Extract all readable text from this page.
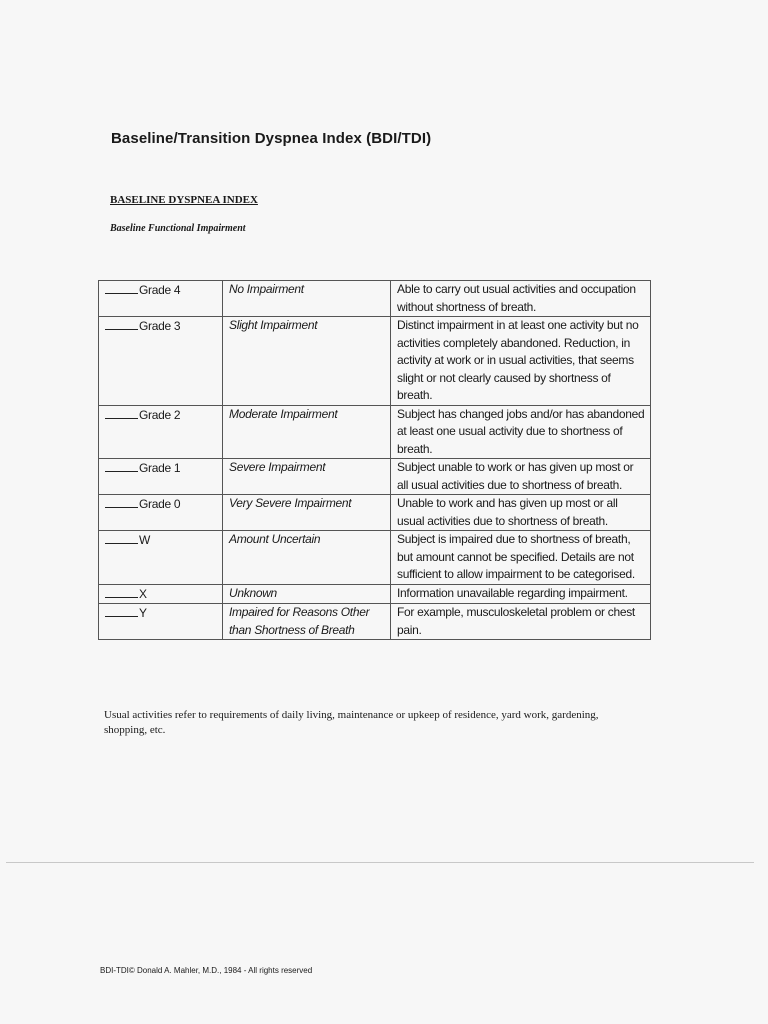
Baseline/Transition Dyspnea Index (BDI/TDI)
BASELINE DYSPNEA INDEX
Baseline Functional Impairment
Grade 4	No Impairment	Able to carry out usual activities and occupation without shortness of breath.
Grade 3	Slight Impairment	Distinct impairment in at least one activity but no activities completely abandoned. Reduction, in activity at work or in usual activities, that seems slight or not clearly caused by shortness of breath.
Grade 2	Moderate Impairment	Subject has changed jobs and/or has abandoned at least one usual activity due to shortness of breath.
Grade 1	Severe Impairment	Subject unable to work or has given up most or all usual activities due to shortness of breath.
Grade 0	Very Severe Impairment	Unable to work and has given up most or all usual activities due to shortness of breath.
W	Amount Uncertain	Subject is impaired due to shortness of breath, but amount cannot be specified. Details are not sufficient to allow impairment to be categorised.
X	Unknown	Information unavailable regarding impairment.
Y	Impaired for Reasons Other than Shortness of Breath	For example, musculoskeletal problem or chest pain.
Usual activities refer to requirements of daily living, maintenance or upkeep of residence, yard work, gardening, shopping, etc.
BDI-TDI© Donald A. Mahler, M.D., 1984 - All rights reserved
